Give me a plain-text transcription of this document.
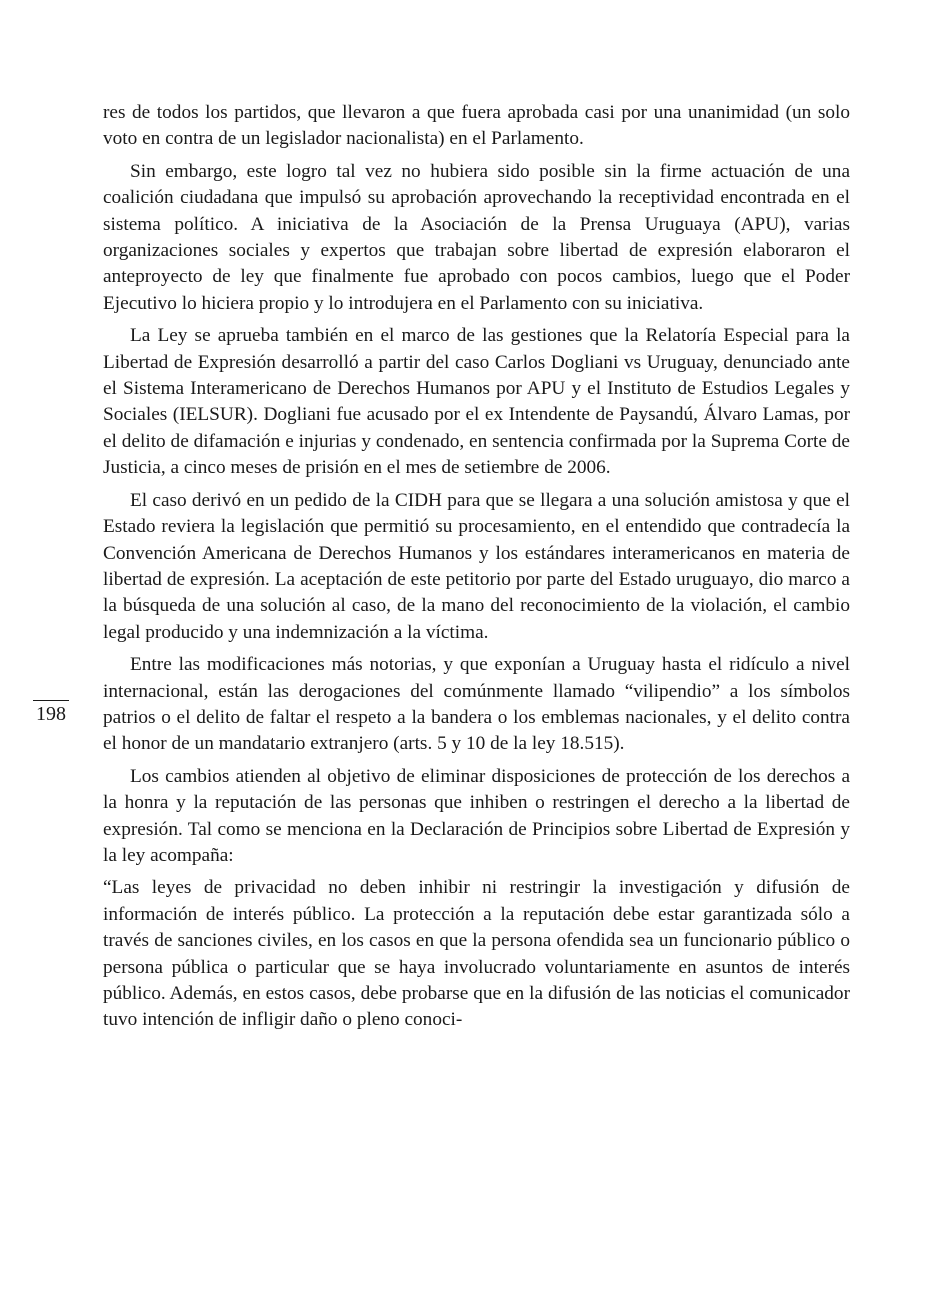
198

res de todos los partidos, que llevaron a que fuera aprobada casi por una unanimidad (un solo voto en contra de un legislador nacionalista) en el Parlamento.

Sin embargo, este logro tal vez no hubiera sido posible sin la firme actuación de una coalición ciudadana que impulsó su aprobación aprovechando la receptividad encontrada en el sistema político. A iniciativa de la Asociación de la Prensa Uruguaya (APU), varias organizaciones sociales y expertos que trabajan sobre libertad de expresión elaboraron el anteproyecto de ley que finalmente fue aprobado con pocos cambios, luego que el Poder Ejecutivo lo hiciera propio y lo introdujera en el Parlamento con su iniciativa.

La Ley se aprueba también en el marco de las gestiones que la Relatoría Especial para la Libertad de Expresión desarrolló a partir del caso Carlos Dogliani vs Uruguay, denunciado ante el Sistema Interamericano de Derechos Humanos por APU y el Instituto de Estudios Legales y Sociales (IELSUR). Dogliani fue acusado por el ex Intendente de Paysandú, Álvaro Lamas, por el delito de difamación e injurias y condenado, en sentencia confirmada por la Suprema Corte de Justicia, a cinco meses de prisión en el mes de setiembre de 2006.

El caso derivó en un pedido de la CIDH para que se llegara a una solución amistosa y que el Estado reviera la legislación que permitió su procesamiento, en el entendido que contradecía la Convención Americana de Derechos Humanos y los estándares interamericanos en materia de libertad de expresión. La aceptación de este petitorio por parte del Estado uruguayo, dio marco a la búsqueda de una solución al caso, de la mano del reconocimiento de la violación, el cambio legal producido y una indemnización a la víctima.

Entre las modificaciones más notorias, y que exponían a Uruguay hasta el ridículo a nivel internacional, están las derogaciones del comúnmente llamado “vilipendio” a los símbolos patrios o el delito de faltar el respeto a la bandera o los emblemas nacionales, y el delito contra el honor de un mandatario extranjero (arts. 5 y 10 de la ley 18.515).

Los cambios atienden al objetivo de eliminar disposiciones de protección de los derechos a la honra y la reputación de las personas que inhiben o restringen el derecho a la libertad de expresión. Tal como se menciona en la Declaración de Principios sobre Libertad de Expresión y la ley acompaña:

“Las leyes de privacidad no deben inhibir ni restringir la investigación y difusión de información de interés público. La protección a la reputación debe estar garantizada sólo a través de sanciones civiles, en los casos en que la persona ofendida sea un funcionario público o persona pública o particular que se haya involucrado voluntariamente en asuntos de interés público. Además, en estos casos, debe probarse que en la difusión de las noticias el comunicador tuvo intención de infligir daño o pleno conoci-
